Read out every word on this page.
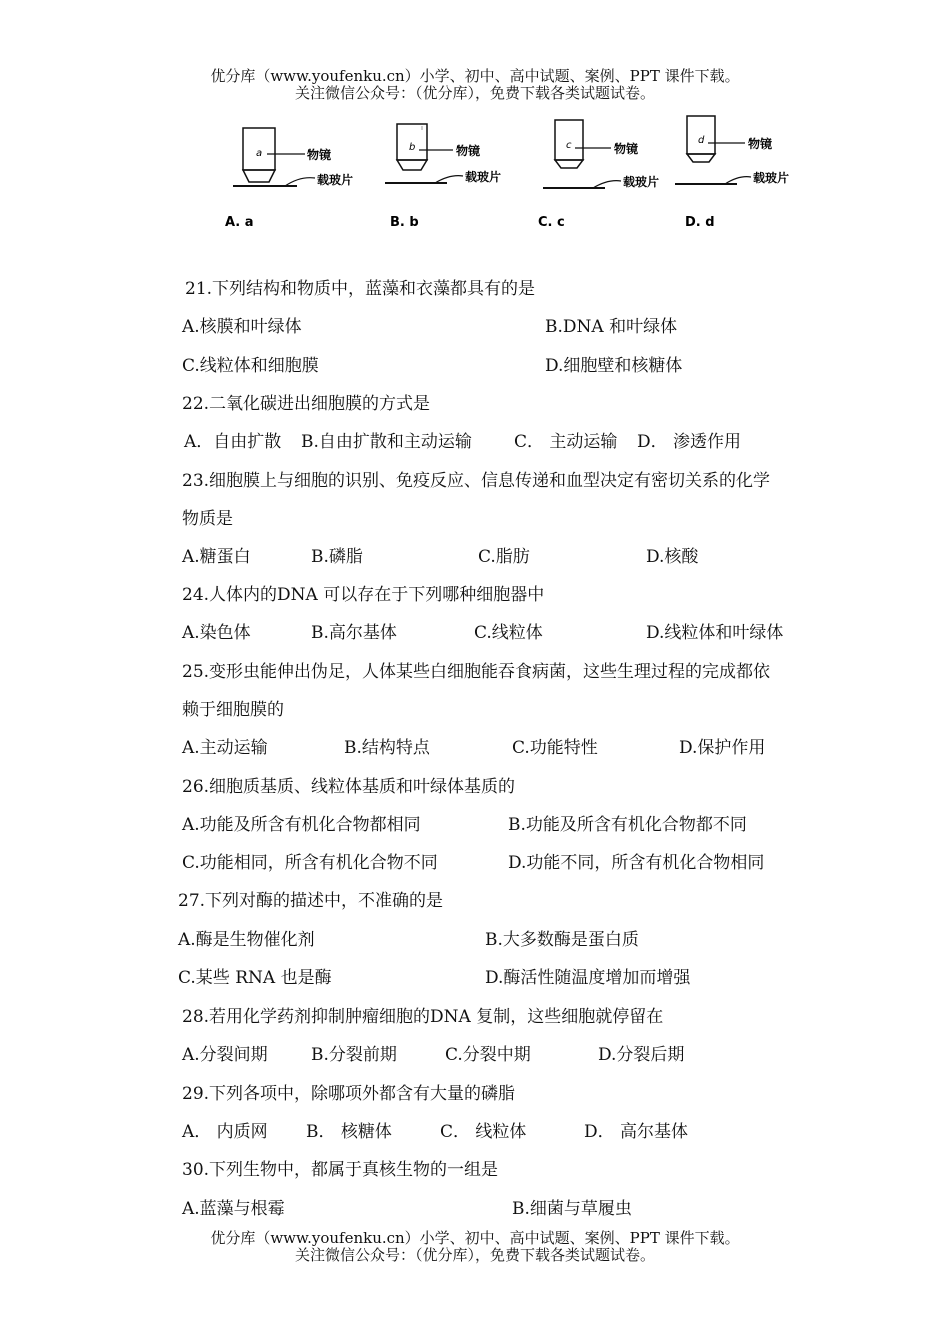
优分库（www.youfenku.cn）小学、初中、高中试题、案例、PPT 课件下载。
关注微信公众号：（优分库），免费下载各类试题试卷。
a	物镜
载玻片
A. a
b	物镜
载玻片
B. b
c	物镜
载玻片
C. c
d	物镜
载玻片
D. d
21.下列结构和物质中，蓝藻和衣藻都具有的是
A.核膜和叶绿体	B.DNA 和叶绿体
C.线粒体和细胞膜	D.细胞壁和核糖体
22.二氧化碳进出细胞膜的方式是
A．自由扩散 B.自由扩散和主动运输 C． 主动运输 D． 渗透作用
23.细胞膜上与细胞的识别、免疫反应、信息传递和血型决定有密切关系的化学
物质是
A.糖蛋白	B.磷脂	C.脂肪	D.核酸
24.人体内的DNA 可以存在于下列哪种细胞器中
A.染色体	B.高尔基体	C.线粒体	D.线粒体和叶绿体
25.变形虫能伸出伪足，人体某些白细胞能吞食病菌，这些生理过程的完成都依
赖于细胞膜的
A.主动运输	B.结构特点	C.功能特性	D.保护作用
26.细胞质基质、线粒体基质和叶绿体基质的
A.功能及所含有机化合物都相同	B.功能及所含有机化合物都不同
C.功能相同，所含有机化合物不同	D.功能不同，所含有机化合物相同
27.下列对酶的描述中，不准确的是
A.酶是生物催化剂	B.大多数酶是蛋白质
C.某些 RNA 也是酶	D.酶活性随温度增加而增强
28.若用化学药剂抑制肿瘤细胞的DNA 复制，这些细胞就停留在
A.分裂间期	B.分裂前期	C.分裂中期	D.分裂后期
29.下列各项中，除哪项外都含有大量的磷脂
A． 内质网 B． 核糖体	C． 线粒体	D． 高尔基体
30.下列生物中，都属于真核生物的一组是
A.蓝藻与根霉	B.细菌与草履虫
优分库（www.youfenku.cn）小学、初中、高中试题、案例、PPT 课件下载。
关注微信公众号：（优分库），免费下载各类试题试卷。
